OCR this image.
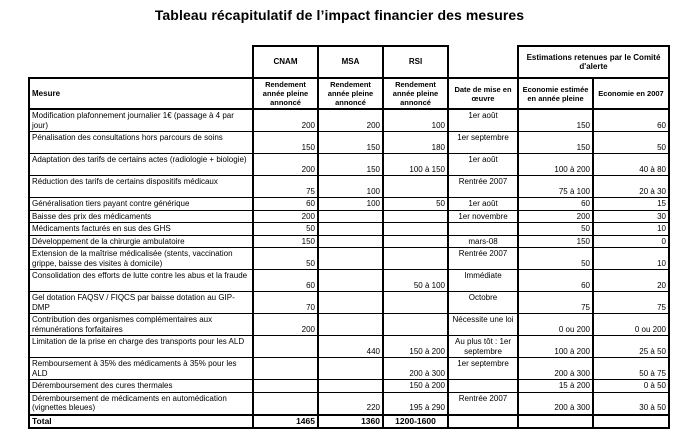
Tableau récapitulatif de l’impact financier des mesures
	CNAM	MSA	RSI		Estimations retenues par le Comité d'alerte	
Mesure	Rendement année pleine annoncé	Rendement année pleine annoncé	Rendement année pleine annoncé	Date de mise en œuvre	Economie estimée en année pleine	Economie en 2007
Modification plafonnement journalier 1€ (passage à 4 par jour)	200	200	100	1er août	150	60
Pénalisation des consultations hors parcours de soins	150	150	180	1er septembre	150	50
Adaptation des tarifs de certains actes (radiologie + biologie)	200	150	100 à 150	1er août	100 à 200	40 à 80
Réduction des tarifs de certains dispositifs médicaux	75	100		Rentrée 2007	75 à 100	20 à 30
Généralisation tiers payant contre générique	60	100	50	1er août	60	15
Baisse des prix des médicaments	200			1er novembre	200	30
Médicaments facturés en sus des GHS	50				50	10
Développement de la chirurgie ambulatoire	150			mars-08	150	0
Extension de la maîtrise médicalisée (stents, vaccination grippe, baisse des visites à domicile)	50			Rentrée 2007	50	10
Consolidation des efforts de lutte contre les abus et la fraude	60		50 à 100	Immédiate	60	20
Gel dotation FAQSV / FIQCS par baisse dotation au GIP-DMP	70			Octobre	75	75
Contribution des organismes complémentaires aux rémunérations forfaitaires	200			Nécessite une loi	0 ou 200	0 ou 200
Limitation de la prise en charge des transports pour les ALD		440	150 à 200	Au plus tôt : 1er septembre	100 à 200	25 à 50
Remboursement à 35% des médicaments à 35% pour les ALD			200 à 300	1er septembre	200 à 300	50 à 75
Déremboursement des cures thermales			150 à 200		15 à 200	0 à 50
Déremboursement de médicaments en automédication (vignettes bleues)		220	195 à 290	Rentrée 2007	200 à 300	30 à 50
Total	1465	1360	1200-1600			
